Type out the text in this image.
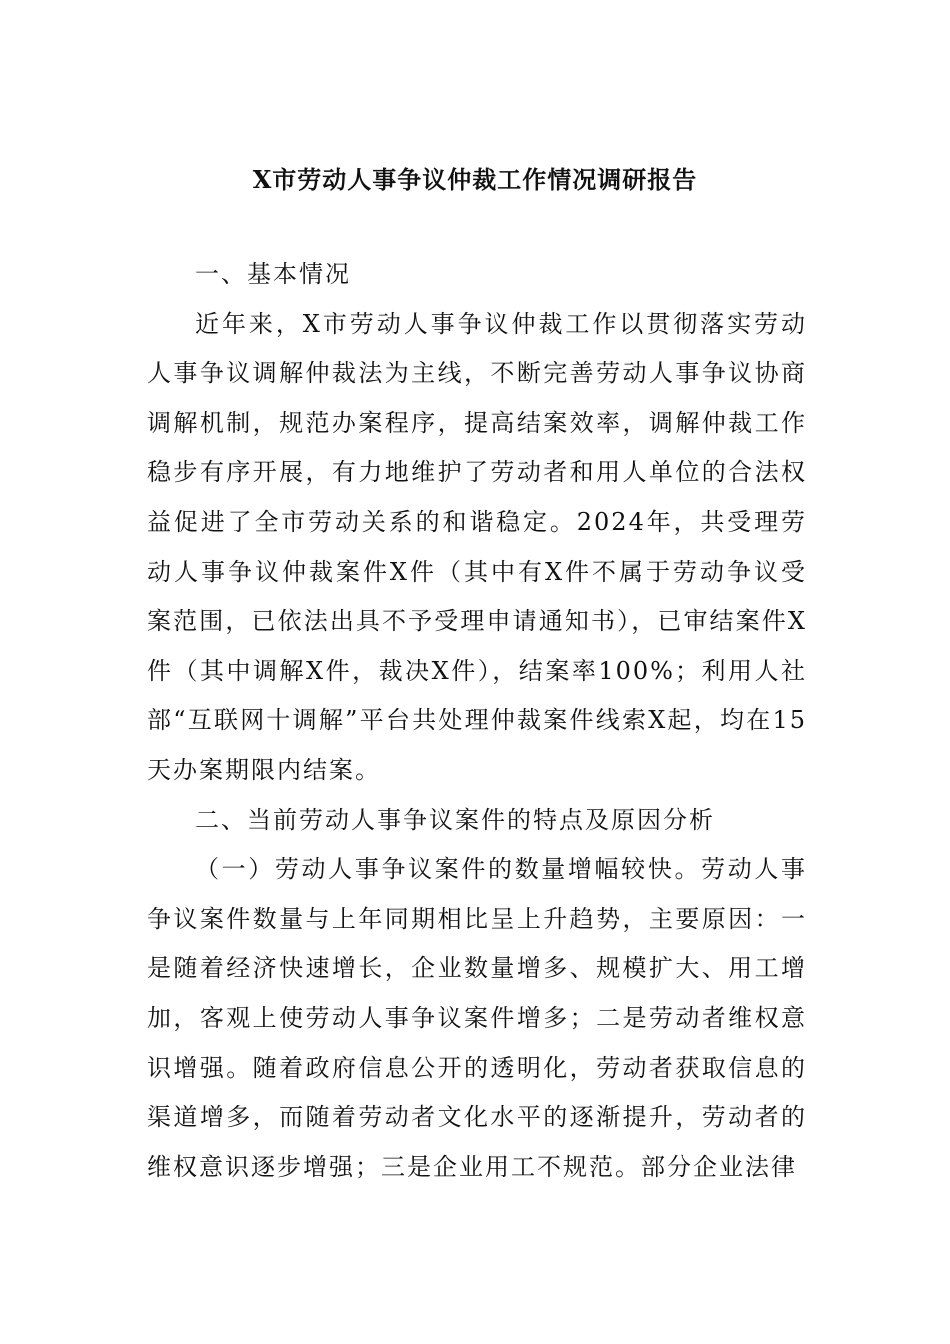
X市劳动人事争议仲裁工作情况调研报告

一、基本情况

近年来，X市劳动人事争议仲裁工作以贯彻落实劳动人事争议调解仲裁法为主线，不断完善劳动人事争议协商调解机制，规范办案程序，提高结案效率，调解仲裁工作稳步有序开展，有力地维护了劳动者和用人单位的合法权益促进了全市劳动关系的和谐稳定。2024年，共受理劳动人事争议仲裁案件X件（其中有X件不属于劳动争议受案范围，已依法出具不予受理申请通知书），已审结案件X件（其中调解X件，裁决X件），结案率100%；利用人社部“互联网十调解”平台共处理仲裁案件线索X起，均在15天办案期限内结案。

二、当前劳动人事争议案件的特点及原因分析

（一）劳动人事争议案件的数量增幅较快。劳动人事争议案件数量与上年同期相比呈上升趋势，主要原因：一是随着经济快速增长，企业数量增多、规模扩大、用工增加，客观上使劳动人事争议案件增多；二是劳动者维权意识增强。随着政府信息公开的透明化，劳动者获取信息的渠道增多，而随着劳动者文化水平的逐渐提升，劳动者的维权意识逐步增强；三是企业用工不规范。部分企业法律
